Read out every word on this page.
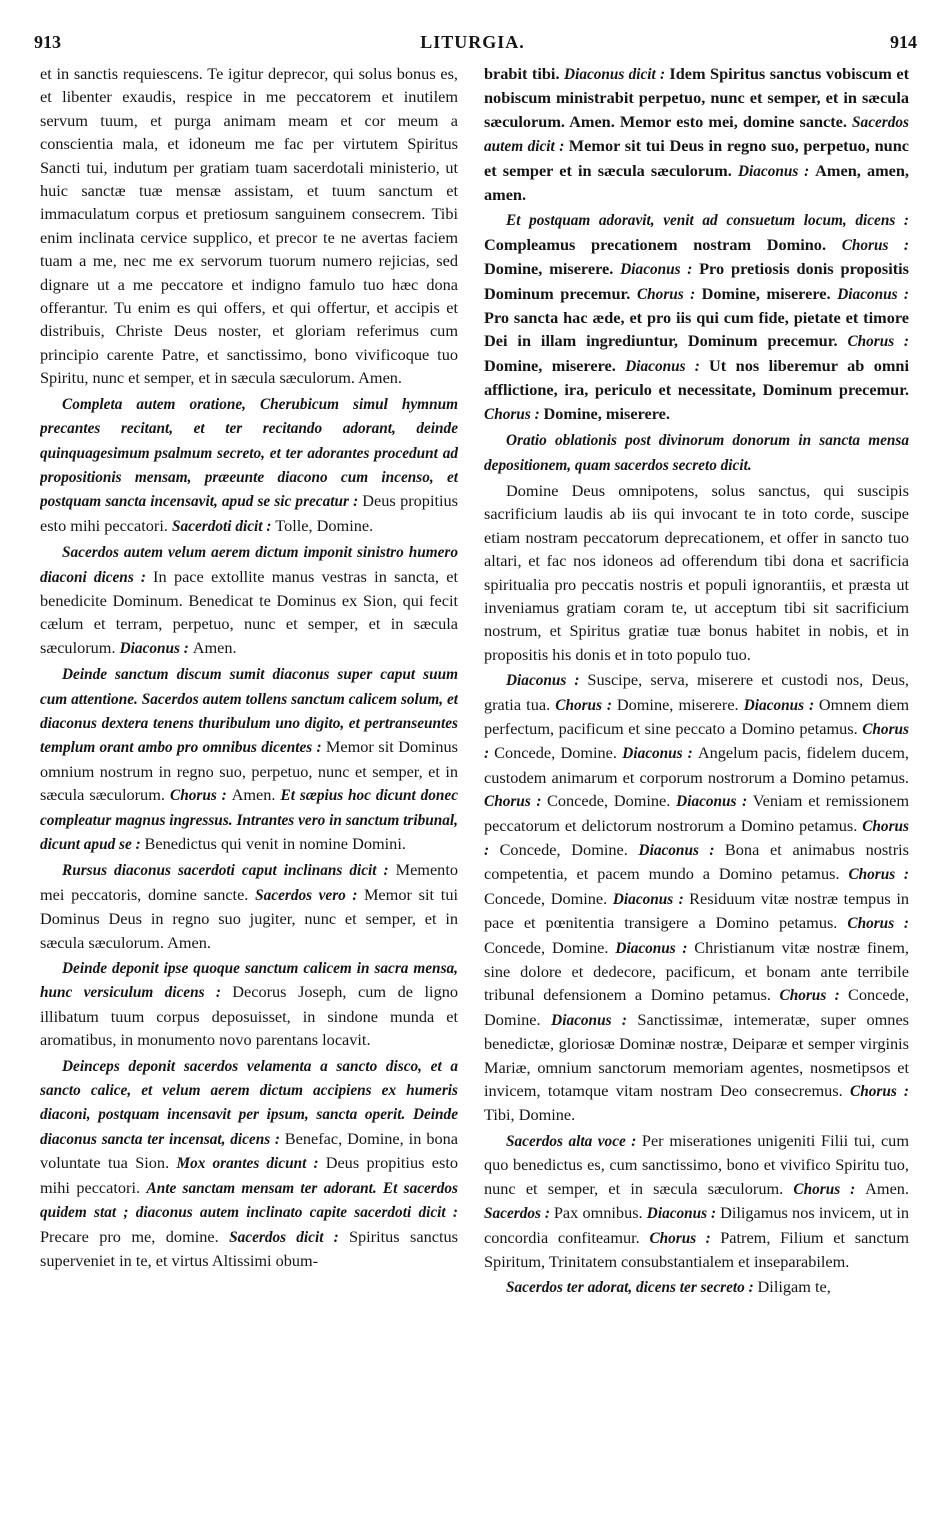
913	LITURGIA.	914

et in sanctis requiescens. Te igitur deprecor, qui solus bonus es, et libenter exaudis, respice in me peccatorem et inutilem servum tuum, et purga animam meam et cor meum a conscientia mala, et idoneum me fac per virtutem Spiritus Sancti tui, indutum per gratiam tuam sacerdotali ministerio, ut huic sanctæ tuæ mensæ assistam, et tuum sanctum et immaculatum corpus et pretiosum sanguinem consecrem. Tibi enim inclinata cervice supplico, et precor te ne avertas faciem tuam a me, nec me ex servorum tuorum numero rejicias, sed dignare ut a me peccatore et indigno famulo tuo hæc dona offerantur. Tu enim es qui offers, et qui offertur, et accipis et distribuis, Christe Deus noster, et gloriam referimus cum principio carente Patre, et sanctissimo, bono vivificoque tuo Spiritu, nunc et semper, et in sæcula sæculorum. Amen.

Completa autem oratione, Cherubicum simul hymnum precantes recitant, et ter recitando adorant, deinde quinquagesimum psalmum secreto, et ter adorantes procedunt ad propositionis mensam, præeunte diacono cum incenso, et postquam sancta incensavit, apud se sic precatur : Deus propitius esto mihi peccatori. Sacerdoti dicit : Tolle, Domine.

Sacerdos autem velum aerem dictum imponit sinistro humero diaconi dicens : In pace extollite manus vestras in sancta, et benedicite Dominum. Benedicat te Dominus ex Sion, qui fecit cælum et terram, perpetuo, nunc et semper, et in sæcula sæculorum. Diaconus : Amen.

Deinde sanctum discum sumit diaconus super caput suum cum attentione. Sacerdos autem tollens sanctum calicem solum, et diaconus dextera tenens thuribulum uno digito, et pertranseuntes templum orant ambo pro omnibus dicentes : Memor sit Dominus omnium nostrum in regno suo, perpetuo, nunc et semper, et in sæcula sæculorum. Chorus : Amen. Et sæpius hoc dicunt donec compleatur magnus ingressus. Intrantes vero in sanctum tribunal, dicunt apud se : Benedictus qui venit in nomine Domini.

Rursus diaconus sacerdoti caput inclinans dicit : Memento mei peccatoris, domine sancte. Sacerdos vero : Memor sit tui Dominus Deus in regno suo jugiter, nunc et semper, et in sæcula sæculorum. Amen.

Deinde deponit ipse quoque sanctum calicem in sacra mensa, hunc versiculum dicens : Decorus Joseph, cum de ligno illibatum tuum corpus deposuisset, in sindone munda et aromatibus, in monumento novo parentans locavit.

Deinceps deponit sacerdos velamenta a sancto disco, et a sancto calice, et velum aerem dictum accipiens ex humeris diaconi, postquam incensavit per ipsum, sancta operit. Deinde diaconus sancta ter incensat, dicens : Benefac, Domine, in bona voluntate tua Sion. Mox orantes dicunt : Deus propitius esto mihi peccatori. Ante sanctam mensam ter adorant. Et sacerdos quidem stat ; diaconus autem inclinato capite sacerdoti dicit : Precare pro me, domine. Sacerdos dicit : Spiritus sanctus superveniet in te, et virtus Altissimi obum-

brabit tibi. Diaconus dicit : Idem Spiritus sanctus vobiscum et nobiscum ministrabit perpetuo, nunc et semper, et in sæcula sæculorum. Amen. Memor esto mei, domine sancte. Sacerdos autem dicit : Memor sit tui Deus in regno suo, perpetuo, nunc et semper et in sæcula sæculorum. Diaconus : Amen, amen, amen.

Et postquam adoravit, venit ad consuetum locum, dicens : Compleamus precationem nostram Domino. Chorus : Domine, miserere. Diaconus : Pro pretiosis donis propositis Dominum precemur. Chorus : Domine, miserere. Diaconus : Pro sancta hac æde, et pro iis qui cum fide, pietate et timore Dei in illam ingrediuntur, Dominum precemur. Chorus : Domine, miserere. Diaconus : Ut nos liberemur ab omni afflictione, ira, periculo et necessitate, Dominum precemur. Chorus : Domine, miserere.

Oratio oblationis post divinorum donorum in sancta mensa depositionem, quam sacerdos secreto dicit.

Domine Deus omnipotens, solus sanctus, qui suscipis sacrificium laudis ab iis qui invocant te in toto corde, suscipe etiam nostram peccatorum deprecationem, et offer in sancto tuo altari, et fac nos idoneos ad offerendum tibi dona et sacrificia spiritualia pro peccatis nostris et populi ignorantiis, et præsta ut inveniamus gratiam coram te, ut acceptum tibi sit sacrificium nostrum, et Spiritus gratiæ tuæ bonus habitet in nobis, et in propositis his donis et in toto populo tuo.

Diaconus : Suscipe, serva, miserere et custodi nos, Deus, gratia tua. Chorus : Domine, miserere. Diaconus : Omnem diem perfectum, pacificum et sine peccato a Domino petamus. Chorus : Concede, Domine. Diaconus : Angelum pacis, fidelem ducem, custodem animarum et corporum nostrorum a Domino petamus. Chorus : Concede, Domine. Diaconus : Veniam et remissionem peccatorum et delictorum nostrorum a Domino petamus. Chorus : Concede, Domine. Diaconus : Bona et animabus nostris competentia, et pacem mundo a Domino petamus. Chorus : Concede, Domine. Diaconus : Residuum vitæ nostræ tempus in pace et pœnitentia transigere a Domino petamus. Chorus : Concede, Domine. Diaconus : Christianum vitæ nostræ finem, sine dolore et dedecore, pacificum, et bonam ante terribile tribunal defensionem a Domino petamus. Chorus : Concede, Domine. Diaconus : Sanctissimæ, intemeratæ, super omnes benedictæ, gloriosæ Dominæ nostræ, Deiparæ et semper virginis Mariæ, omnium sanctorum memoriam agentes, nosmetipsos et invicem, totamque vitam nostram Deo consecremus. Chorus : Tibi, Domine.

Sacerdos alta voce : Per miserationes unigeniti Filii tui, cum quo benedictus es, cum sanctissimo, bono et vivifico Spiritu tuo, nunc et semper, et in sæcula sæculorum. Chorus : Amen. Sacerdos : Pax omnibus. Diaconus : Diligamus nos invicem, ut in concordia confiteamur. Chorus : Patrem, Filium et sanctum Spiritum, Trinitatem consubstantialem et inseparabilem.

Sacerdos ter adorat, dicens ter secreto : Diligam te,
